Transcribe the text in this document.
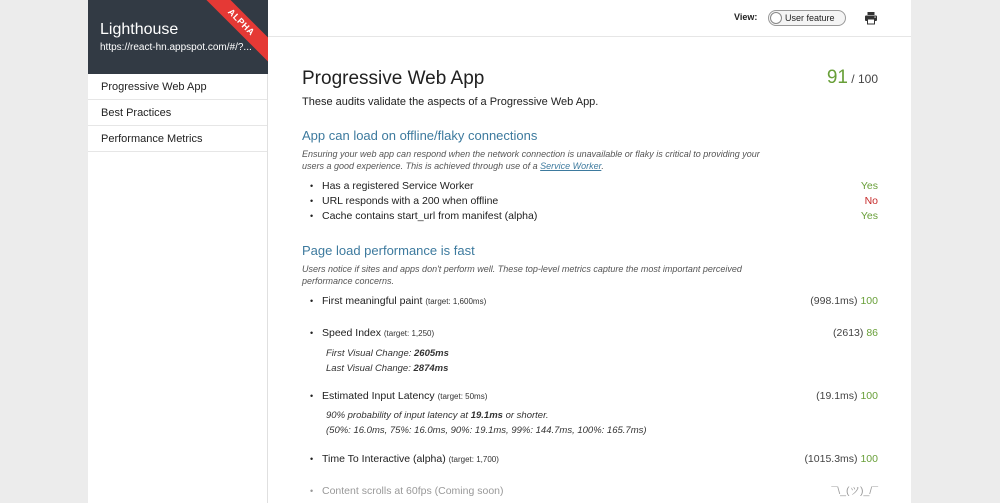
Lighthouse
https://react-hn.appspot.com/#/?...
ALPHA
Progressive Web App
Best Practices
Performance Metrics
View:	User feature
Progressive Web App
These audits validate the aspects of a Progressive Web App.
91 / 100
App can load on offline/flaky connections
Ensuring your web app can respond when the network connection is unavailable or flaky is critical to providing your users a good experience. This is achieved through use of a Service Worker.
• Has a registered Service Worker	Yes
• URL responds with a 200 when offline	No
• Cache contains start_url from manifest (alpha)	Yes
Page load performance is fast
Users notice if sites and apps don't perform well. These top-level metrics capture the most important perceived performance concerns.
• First meaningful paint (target: 1,600ms)	(998.1ms) 100
• Speed Index (target: 1,250)	(2613) 86
First Visual Change: 2605ms
Last Visual Change: 2874ms
• Estimated Input Latency (target: 50ms)	(19.1ms) 100
90% probability of input latency at 19.1ms or shorter.
(50%: 16.0ms, 75%: 16.0ms, 90%: 19.1ms, 99%: 144.7ms, 100%: 165.7ms)
• Time To Interactive (alpha) (target: 1,700)	(1015.3ms) 100
• Content scrolls at 60fps (Coming soon)	¯\_(ツ)_/¯
